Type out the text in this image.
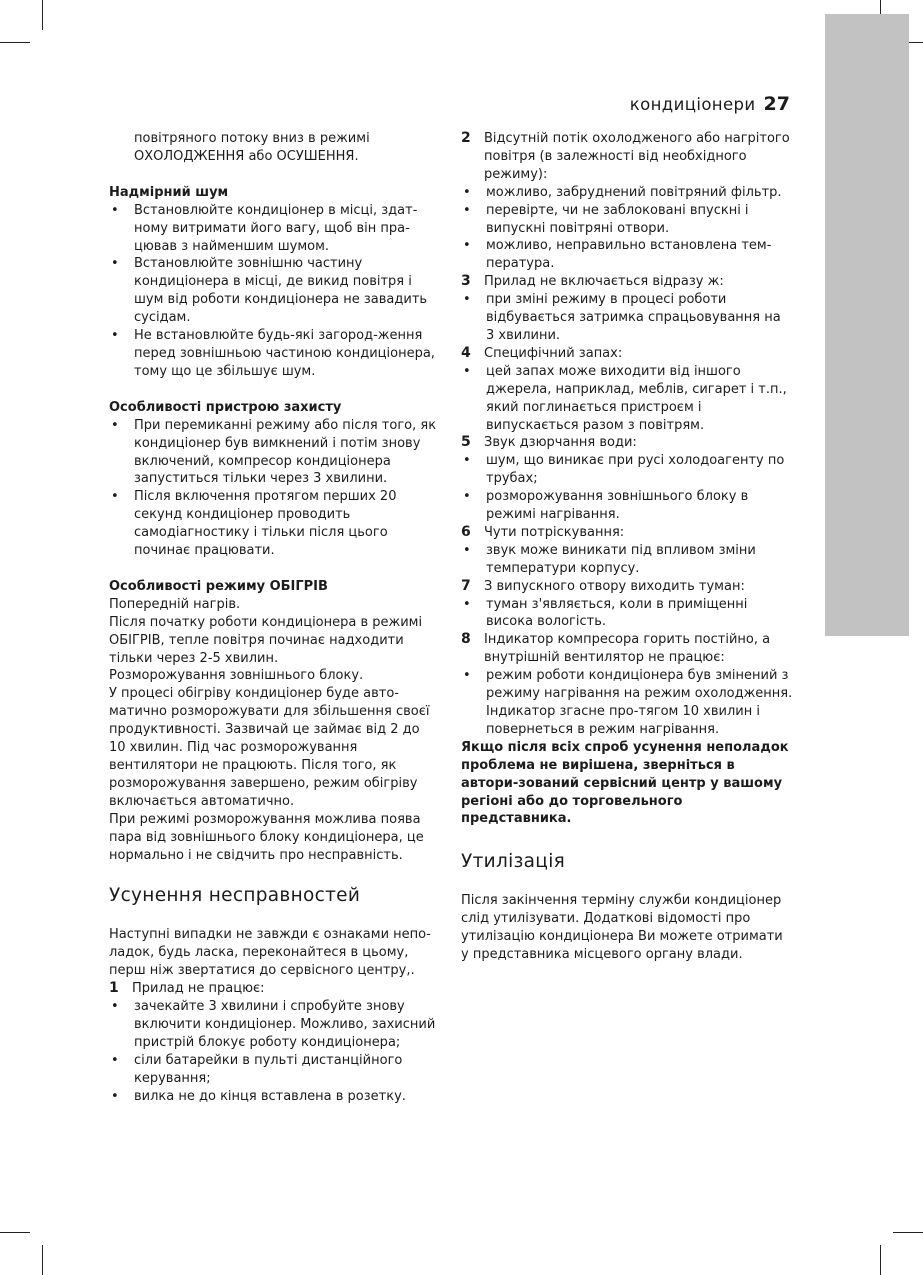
кондиціонери 27

повітряного потоку вниз в режимі ОХОЛОДЖЕННЯ або ОСУШЕННЯ.

Надмірний шум

• Встановлюйте кондиціонер в місці, здат-ному витримати його вагу, щоб він пра-цював з найменшим шумом.
• Встановлюйте зовнішню частину кондиціонера в місці, де викид повітря і шум від роботи кондиціонера не завадить сусідам.
• Не встановлюйте будь-які загород-ження перед зовнішньою частиною кондиціонера, тому що це збільшує шум.

Особливості пристрою захисту

• При перемиканні режиму або після того, як кондиціонер був вимкнений і потім знову включений, компресор кондиціонера запуститься тільки через 3 хвилини.
• Після включення протягом перших 20 секунд кондиціонер проводить самодіагностику і тільки після цього починає працювати.

Особливості режиму ОБІГРІВ

Попередній нагрів.

Після початку роботи кондиціонера в режимі ОБІГРІВ, тепле повітря починає надходити тільки через 2-5 хвилин.

Розморожування зовнішнього блоку.

У процесі обігріву кондиціонер буде авто-матично розморожувати для збільшення своєї продуктивності. Зазвичай це займає від 2 до 10 хвилин. Під час розморожування вентилятори не працюють. Після того, як розморожування завершено, режим обігріву включається автоматично.

При режимі розморожування можлива поява пара від зовнішнього блоку кондиціонера, це нормально і не свідчить про несправність.

Усунення несправностей

Наступні випадки не завжди є ознаками непо-ладок, будь ласка, переконайтеся в цьому, перш ніж звертатися до сервісного центру,.

1 Прилад не працює:
• зачекайте 3 хвилини і спробуйте знову включити кондиціонер. Можливо, захисний пристрій блокує роботу кондиціонера;
• сіли батарейки в пульті дистанційного керування;
• вилка не до кінця вставлена в розетку.
2 Відсутній потік охолодженого або нагрітого повітря (в залежності від необхідного режиму):
• можливо, забруднений повітряний фільтр.
• перевірте, чи не заблоковані впускні і випускні повітряні отвори.
• можливо, неправильно встановлена тем-пература.
3 Прилад не включається відразу ж:
• при зміні режиму в процесі роботи відбувається затримка спрацьовування на 3 хвилини.
4 Специфічний запах:
• цей запах може виходити від іншого джерела, наприклад, меблів, сигарет і т.п., який поглинається пристроєм і випускається разом з повітрям.
5 Звук дзюрчання води:
• шум, що виникає при русі холодоагенту по трубах;
• розморожування зовнішнього блоку в режимі нагрівання.
6 Чути потріскування:
• звук може виникати під впливом зміни температури корпусу.
7 З випускного отвору виходить туман:
• туман з'являється, коли в приміщенні висока вологість.
8 Індикатор компресора горить постійно, а внутрішній вентилятор не працює:
• режим роботи кондиціонера був змінений з режиму нагрівання на режим охолодження. Індикатор згасне про-тягом 10 хвилин і повернеться в режим нагрівання.

Якщо після всіх спроб усунення неполадок проблема не вирішена, зверніться в автори-зований сервісний центр у вашому регіоні або до торговельного представника.

Утилізація

Після закінчення терміну служби кондиціонер слід утилізувати. Додаткові відомості про утилізацію кондиціонера Ви можете отримати у представника місцевого органу влади.
